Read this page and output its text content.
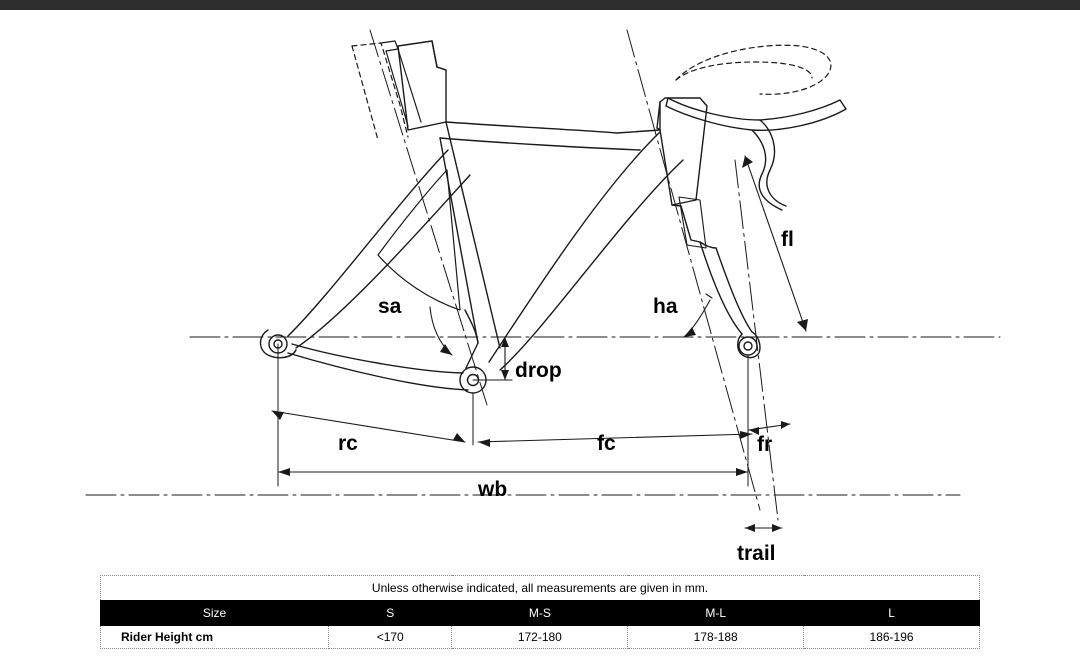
sa	ha
fl
drop
rc	fc	fr
wb
trail
Unless otherwise indicated, all measurements are given in mm.				
Size	S	M-S	M-L	L
Rider Height cm	<170	172-180	178-188	186-196
